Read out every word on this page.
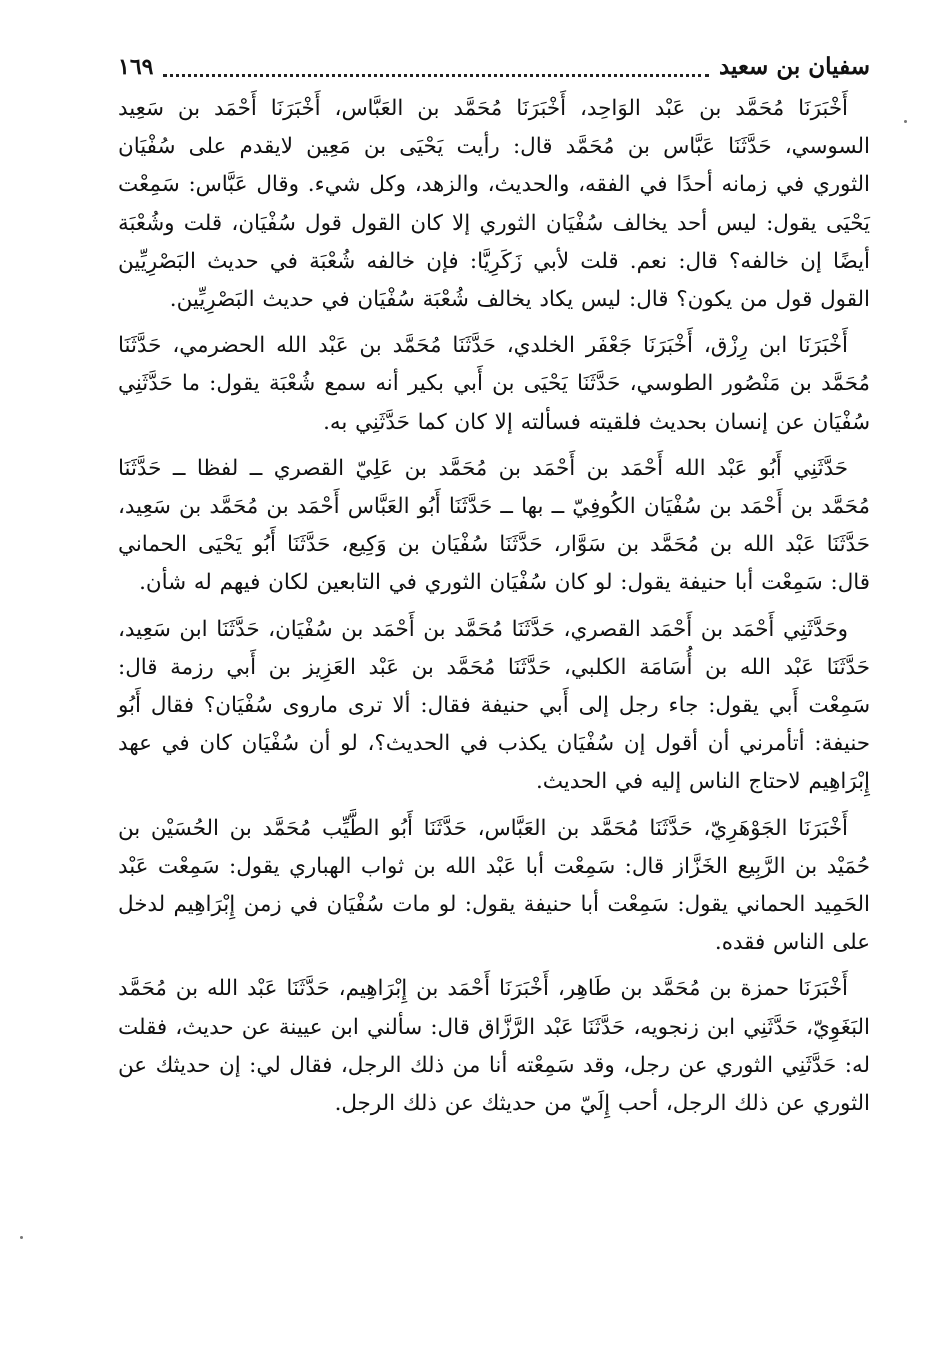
سفيان بن سعيد
١٦٩

أَخْبَرَنَا مُحَمَّد بن عَبْد الوَاحِد، أَخْبَرَنَا مُحَمَّد بن العَبَّاس، أَخْبَرَنَا أَحْمَد بن سَعِيد السوسي، حَدَّثَنَا عَبَّاس بن مُحَمَّد قال: رأيت يَحْيَى بن مَعِين لايقدم على سُفْيَان الثوري في زمانه أحدًا في الفقه، والحديث، والزهد، وكل شيء. وقال عَبَّاس: سَمِعْت يَحْيَى يقول: ليس أحد يخالف سُفْيَان الثوري إلا كان القول قول سُفْيَان، قلت وشُعْبَة أيضًا إن خالفه؟ قال: نعم. قلت لأبي زَكَرِيَّا: فإن خالفه شُعْبَة في حديث البَصْرِيِّين القول قول من يكون؟ قال: ليس يكاد يخالف شُعْبَة سُفْيَان في حديث البَصْرِيِّين.

أَخْبَرَنَا ابن رِزْق، أَخْبَرَنَا جَعْفَر الخلدي، حَدَّثَنَا مُحَمَّد بن عَبْد الله الحضرمي، حَدَّثَنَا مُحَمَّد بن مَنْصُور الطوسي، حَدَّثَنَا يَحْيَى بن أَبي بكير أنه سمع شُعْبَة يقول: ما حَدَّثَنِي سُفْيَان عن إنسان بحديث فلقيته فسألته إلا كان كما حَدَّثَنِي به.

حَدَّثَنِي أَبُو عَبْد الله أَحْمَد بن أَحْمَد بن مُحَمَّد بن عَلِيّ القصري ــ لفظا ــ حَدَّثَنَا مُحَمَّد بن أَحْمَد بن سُفْيَان الكُوفِيّ ــ بها ــ حَدَّثَنَا أَبُو العَبَّاس أَحْمَد بن مُحَمَّد بن سَعِيد، حَدَّثَنَا عَبْد الله بن مُحَمَّد بن سَوَّار، حَدَّثَنَا سُفْيَان بن وَكِيع، حَدَّثَنَا أَبُو يَحْيَى الحماني قال: سَمِعْت أبا حنيفة يقول: لو كان سُفْيَان الثوري في التابعين لكان فيهم له شأن.

وحَدَّثَنِي أَحْمَد بن أَحْمَد القصري، حَدَّثَنَا مُحَمَّد بن أَحْمَد بن سُفْيَان، حَدَّثَنَا ابن سَعِيد، حَدَّثَنَا عَبْد الله بن أُسَامَة الكلبي، حَدَّثَنَا مُحَمَّد بن عَبْد العَزِيز بن أَبي رزمة قال: سَمِعْت أَبي يقول: جاء رجل إلى أَبي حنيفة فقال: ألا ترى ماروى سُفْيَان؟ فقال أَبُو حنيفة: أتأمرني أن أقول إن سُفْيَان يكذب في الحديث؟، لو أن سُفْيَان كان في عهد إِبْرَاهِيم لاحتاج الناس إليه في الحديث.

أَخْبَرَنَا الجَوْهَرِيّ، حَدَّثَنَا مُحَمَّد بن العَبَّاس، حَدَّثَنَا أَبُو الطَّيِّب مُحَمَّد بن الحُسَيْن بن حُمَيْد بن الرَّبِيع الخَزَّاز قال: سَمِعْت أبا عَبْد الله بن ثواب الهباري يقول: سَمِعْت عَبْد الحَمِيد الحماني يقول: سَمِعْت أبا حنيفة يقول: لو مات سُفْيَان في زمن إِبْرَاهِيم لدخل على الناس فقده.

أَخْبَرَنَا حمزة بن مُحَمَّد بن طَاهِر، أَخْبَرَنَا أَحْمَد بن إِبْرَاهِيم، حَدَّثَنَا عَبْد الله بن مُحَمَّد البَغَوِيّ، حَدَّثَنِي ابن زنجويه، حَدَّثَنَا عَبْد الرَّزَّاق قال: سألني ابن عيينة عن حديث، فقلت له: حَدَّثَنِي الثوري عن رجل، وقد سَمِعْته أنا من ذلك الرجل، فقال لي: إن حديثك عن الثوري عن ذلك الرجل، أحب إِلَيّ من حديثك عن ذلك الرجل.
